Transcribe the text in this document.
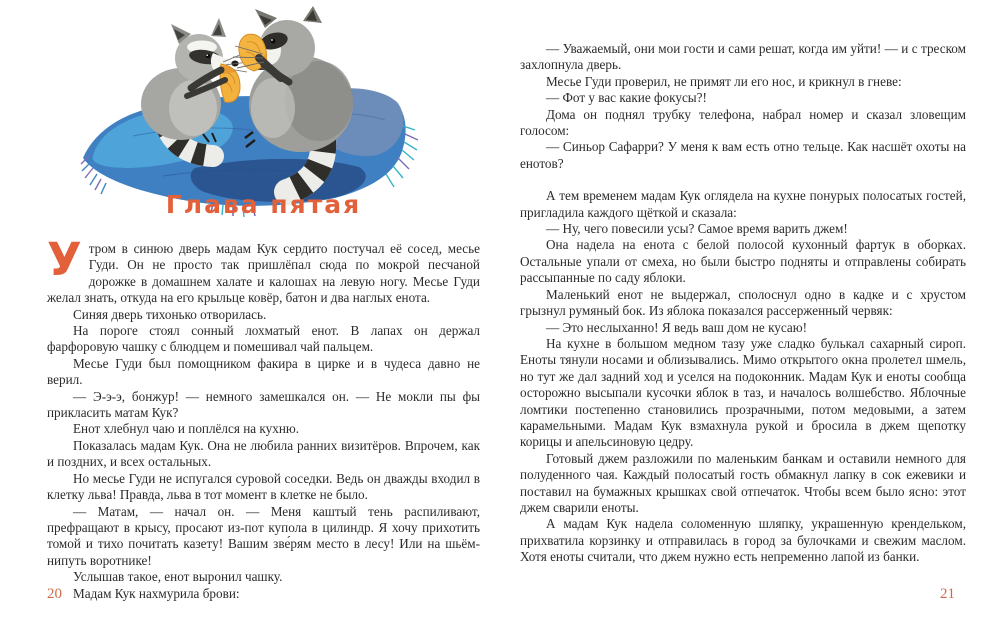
Глава пятая

Утром в синюю дверь мадам Кук сердито постучал её сосед, месье Гуди. Он не просто так пришлёпал сюда по мокрой песчаной дорожке в домашнем халате и калошах на левую ногу. Месье Гуди желал знать, откуда на его крыльце ковёр, батон и два наглых енота.

Синяя дверь тихонько отворилась.

На пороге стоял сонный лохматый енот. В лапах он держал фарфоровую чашку с блюдцем и помешивал чай пальцем.

Месье Гуди был помощником факира в цирке и в чудеса давно не верил.

— Э-э-э, бонжур! — немного замешкался он. — Не мокли пы фы прикласить матам Кук?

Енот хлебнул чаю и поплёлся на кухню.

Показалась мадам Кук. Она не любила ранних визитёров. Впрочем, как и поздних, и всех остальных.

Но месье Гуди не испугался суровой соседки. Ведь он дважды входил в клетку льва! Правда, льва в тот момент в клетке не было.

— Матам, — начал он. — Меня каштый тень распиливают, префращают в крысу, просают из-пот купола в цилиндр. Я хочу прихотить томой и тихо почитать казету! Вашим зве́рям место в лесу! Или на шьём-нипуть воротнике!

Услышав такое, енот выронил чашку.

Мадам Кук нахмурила брови:

— Уважаемый, они мои гости и сами решат, когда им уйти! — и с треском захлопнула дверь.

Месье Гуди проверил, не примят ли его нос, и крикнул в гневе:

— Фот у вас какие фокусы?!

Дома он поднял трубку телефона, набрал номер и сказал зловещим голосом:

— Синьор Сафарри? У меня к вам есть отно тельце. Как насшёт охоты на енотов?

А тем временем мадам Кук оглядела на кухне понурых полосатых гостей, пригладила каждого щёткой и сказала:

— Ну, чего повесили усы? Самое время варить джем!

Она надела на енота с белой полосой кухонный фартук в оборках. Остальные упали от смеха, но были быстро подняты и отправлены собирать рассыпанные по саду яблоки.

Маленький енот не выдержал, сполоснул одно в кадке и с хрустом грызнул румяный бок. Из яблока показался рассерженный червяк:

— Это неслыханно! Я ведь ваш дом не кусаю!

На кухне в большом медном тазу уже сладко булькал сахарный сироп. Еноты тянули носами и облизывались. Мимо открытого окна пролетел шмель, но тут же дал задний ход и уселся на подоконник. Мадам Кук и еноты сообща осторожно высыпали кусочки яблок в таз, и началось волшебство. Яблочные ломтики постепенно становились прозрачными, потом медовыми, а затем карамельными. Мадам Кук взмахнула рукой и бросила в джем щепотку корицы и апельсиновую цедру.

Готовый джем разложили по маленьким банкам и оставили немного для полуденного чая. Каждый полосатый гость обмакнул лапку в сок ежевики и поставил на бумажных крышках свой отпечаток. Чтобы всем было ясно: этот джем сварили еноты.

А мадам Кук надела соломенную шляпку, украшенную крендельком, прихватила корзинку и отправилась в город за булочками и свежим маслом. Хотя еноты считали, что джем нужно есть непременно лапой из банки.

20	21
